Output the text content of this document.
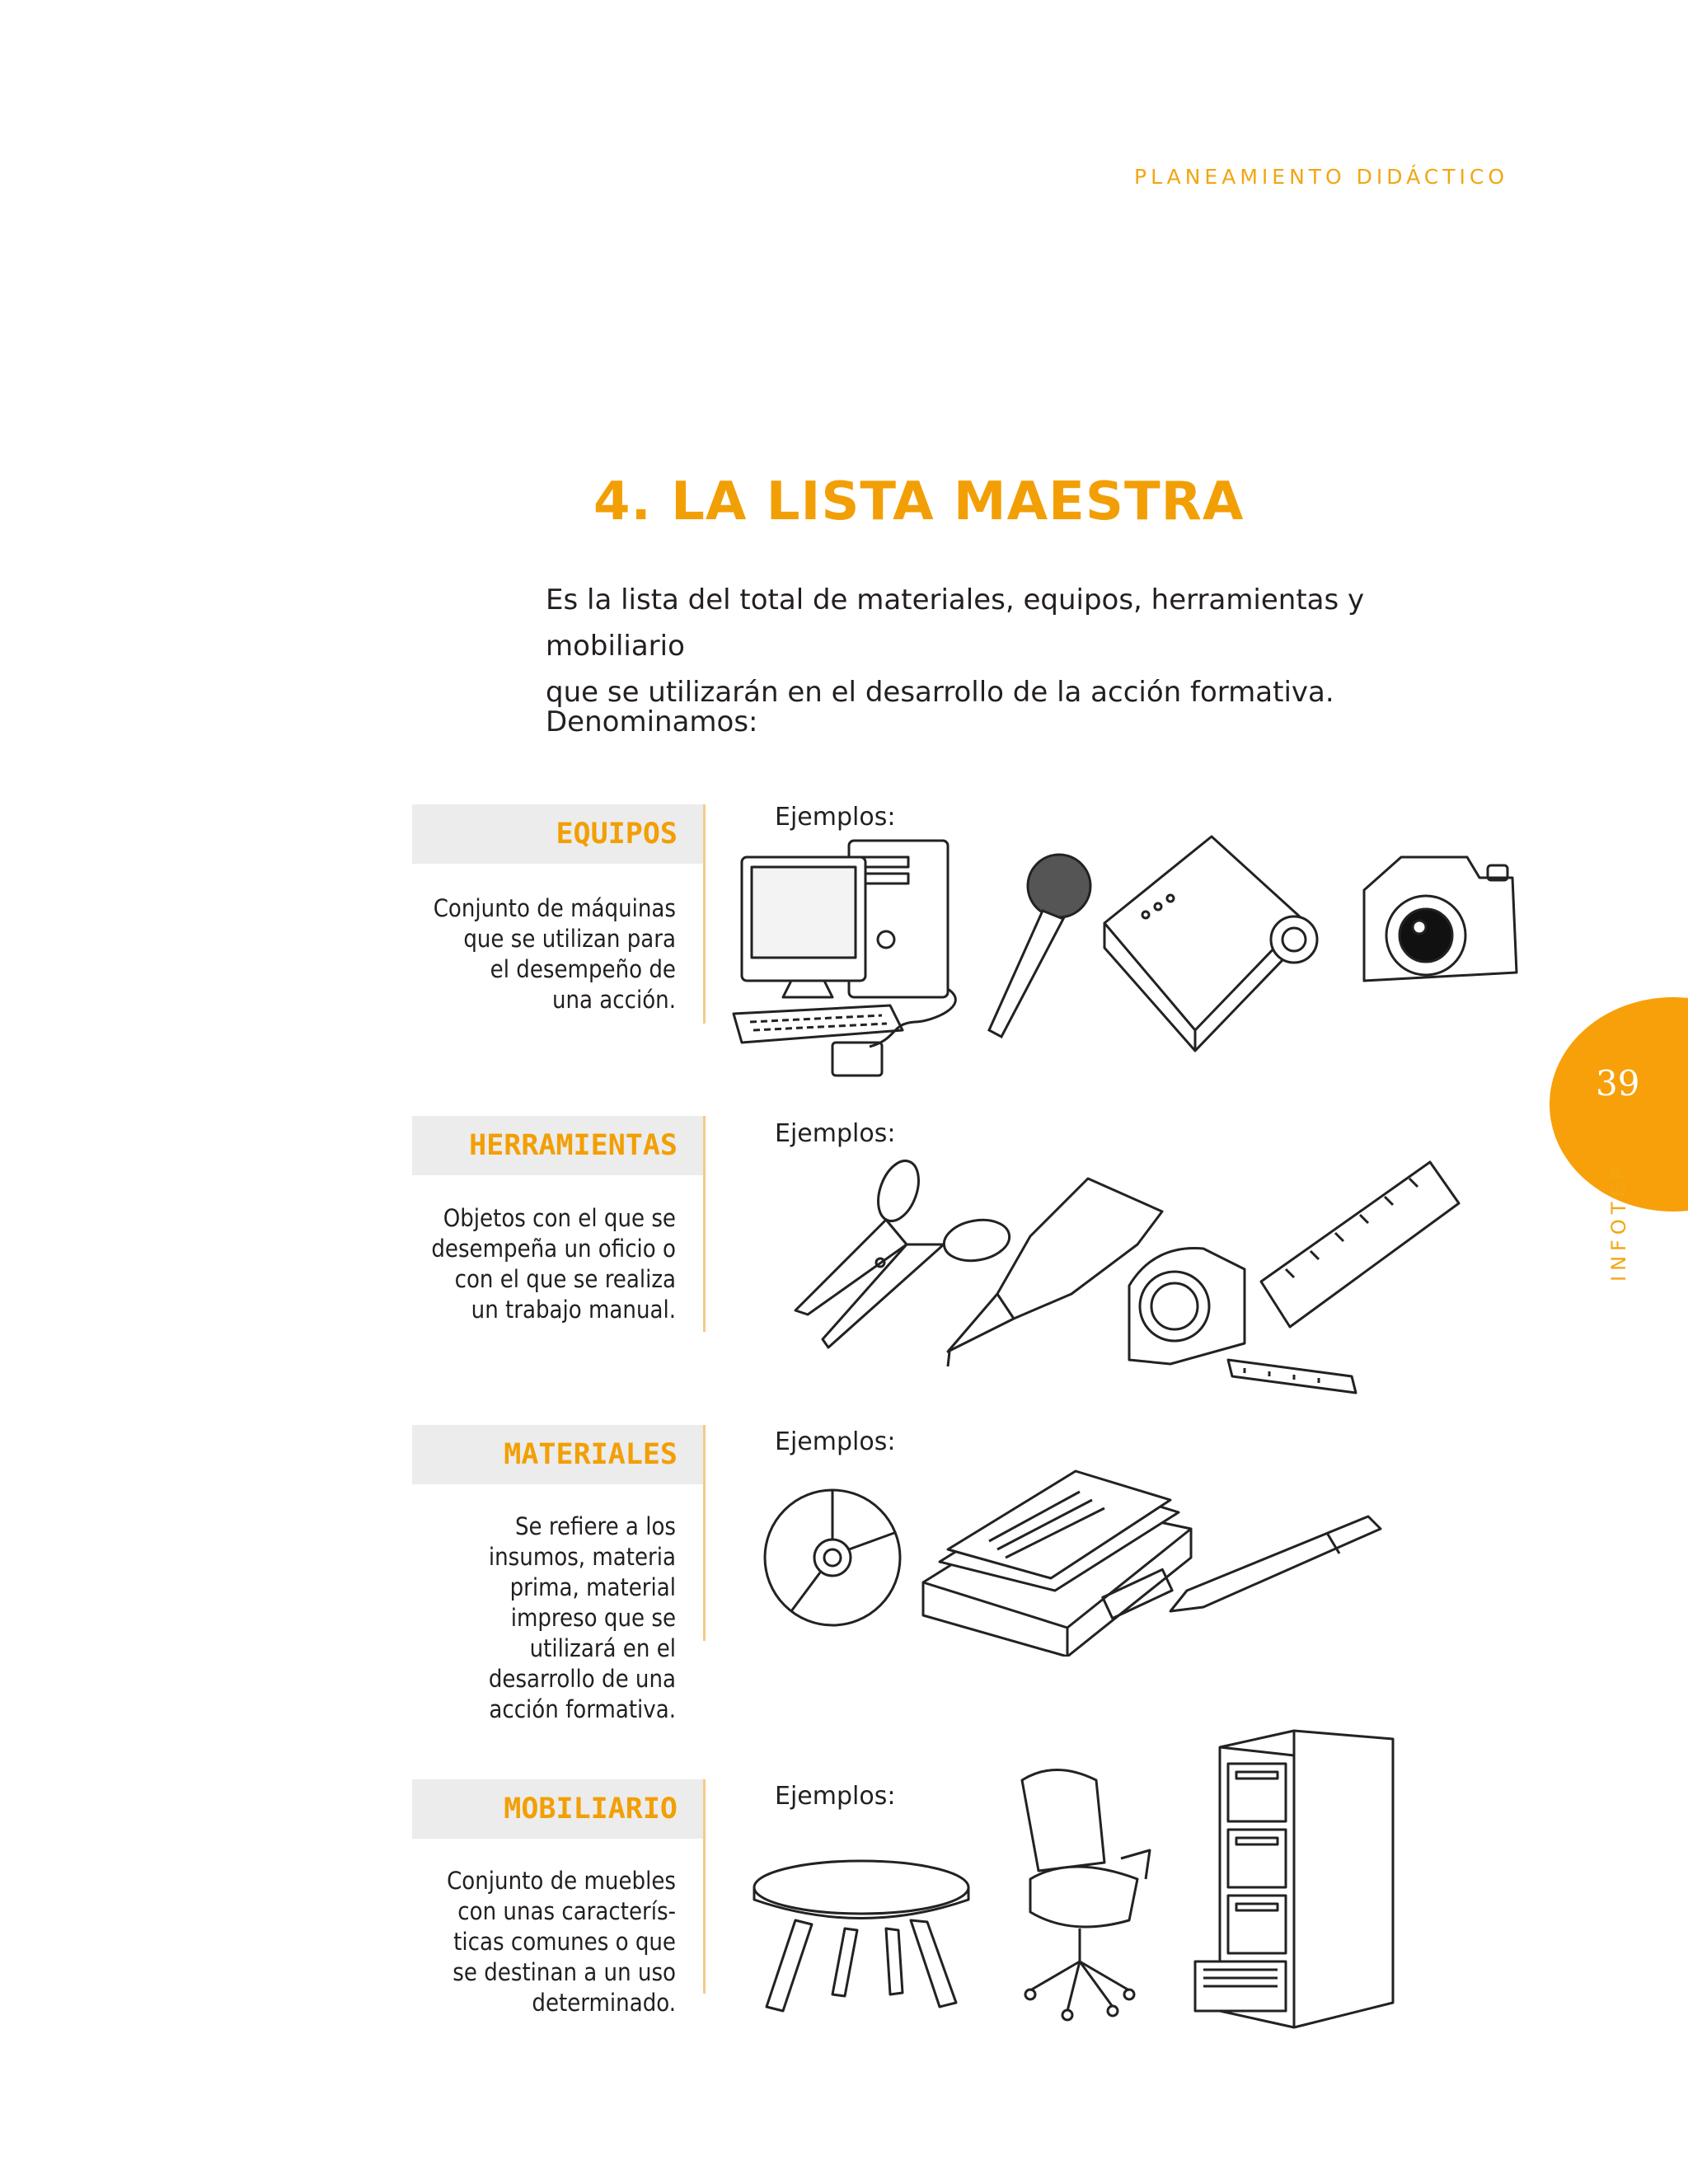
PLANEAMIENTO DIDÁCTICO
4. LA LISTA MAESTRA

Es la lista del total de materiales, equipos, herramientas y mobiliario

que se utilizarán en el desarrollo de la acción formativa.

Denominamos:
EQUIPOS
Conjunto de máquinas
que se utilizan para
el desempeño de
una acción.
Ejemplos:
HERRAMIENTAS
Objetos con el que se
desempeña un oficio o
con el que se realiza
un trabajo manual.
Ejemplos:
MATERIALES
Se refiere a los
insumos, materia
prima, material
impreso que se
utilizará en el
desarrollo de una
acción formativa.
Ejemplos:
MOBILIARIO
Conjunto de muebles
con unas caracterís-
ticas comunes o que
se destinan a un uso
determinado.
Ejemplos:
39
INFOTEP
